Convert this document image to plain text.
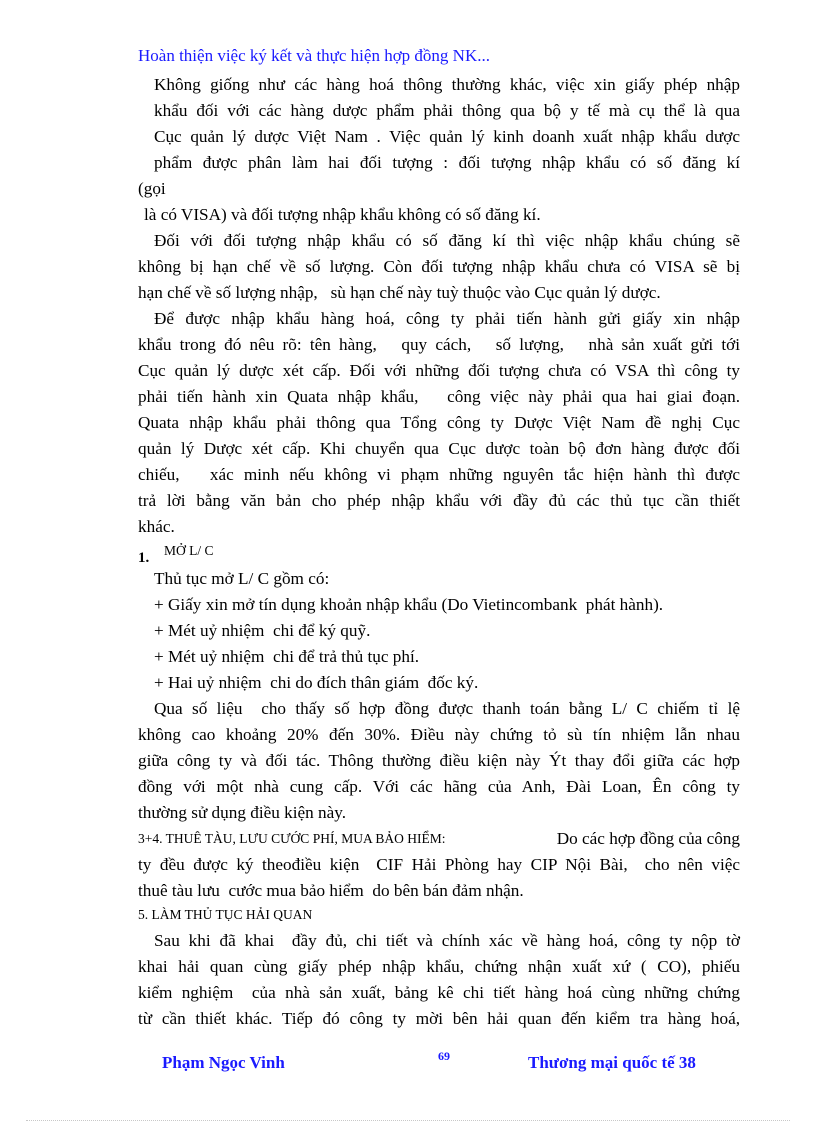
Hoàn thiện việc ký kết và thực hiện hợp đồng NK...
Không giống như các hàng hoá thông thường khác, việc xin giấy phép nhập
khẩu đối với các hàng dược phẩm phải thông qua bộ y tế mà cụ thể là qua
Cục quản lý dược Việt Nam . Việc quản lý kinh doanh xuất nhập khẩu dược
phẩm được phân làm hai đối tượng : đối tượng nhập khẩu có số đăng kí
(gọi
là có VISA) và đối tượng nhập khẩu không có số đăng kí.
Đối với đối tượng nhập khẩu có số đăng kí thì việc nhập khẩu chúng sẽ
không bị hạn chế về số lượng. Còn đối tượng nhập khẩu chưa có VISA sẽ bị
hạn chế về số lượng nhập,   sù hạn chế này tuỳ thuộc vào Cục quản lý dược.
Để được nhập khẩu hàng hoá, công ty phải tiến hành gửi giấy xin nhập
khẩu trong đó nêu rõ: tên hàng,   quy cách,   số lượng,   nhà sản xuất gửi tới
Cục quản lý dược xét cấp. Đối với những đối tượng chưa có VSA thì công ty
phải tiến hành xin Quata nhập khẩu,   công việc này phải qua hai giai đoạn.
Quata nhập khẩu phải thông qua Tổng công ty Dược Việt Nam đề nghị Cục
quản lý Dược xét cấp. Khi chuyển qua Cục dược toàn bộ đơn hàng được đối
chiếu,   xác minh nếu không vi phạm những nguyên tắc hiện hành thì được
trả lời bằng văn bản cho phép nhập khẩu với đầy đủ các thủ tục cần thiết
khác.
1. MỞ L/ C
Thủ tục mở L/ C gồm có:
+ Giấy xin mở tín dụng khoản nhập khẩu (Do Vietincombank  phát hành).
+ Mét uỷ nhiệm  chi để ký quỹ.
+ Mét uỷ nhiệm  chi để trả thủ tục phí.
+ Hai uỷ nhiệm  chi do đích thân giám  đốc ký.
Qua số liệu  cho thấy số hợp đồng được thanh toán bằng L/ C chiếm tỉ lệ
không cao khoảng 20% đến 30%. Điều này chứng tỏ sù tín nhiệm lẫn nhau
giữa công ty và đối tác. Thông thường điều kiện này Ýt thay đổi giữa các hợp
đồng với một nhà cung cấp. Với các hãng của Anh, Đài Loan, Ên công ty
thường sử dụng điều kiện này.
3+4. THUÊ TÀU, LƯU CƯỚC PHÍ, MUA BẢO HIỂM:	Do các hợp đồng của công
ty đều được ký theođiều kiện  CIF Hải Phòng hay CIP Nội Bài,  cho nên việc
thuê tàu lưu  cước mua bảo hiểm  do bên bán đảm nhận.
5. LÀM THỦ TỤC HẢI QUAN
Sau khi đã khai  đầy đủ, chi tiết và chính xác về hàng hoá, công ty nộp tờ
khai hải quan cùng giấy phép nhập khẩu, chứng nhận xuất xứ ( CO), phiếu
kiểm nghiệm  của nhà sản xuất, bảng kê chi tiết hàng hoá cùng những chứng
từ cần thiết khác. Tiếp đó công ty mời bên hải quan đến kiểm tra hàng hoá,
Phạm Ngọc Vinh	69	Thương mại quốc tế 38
